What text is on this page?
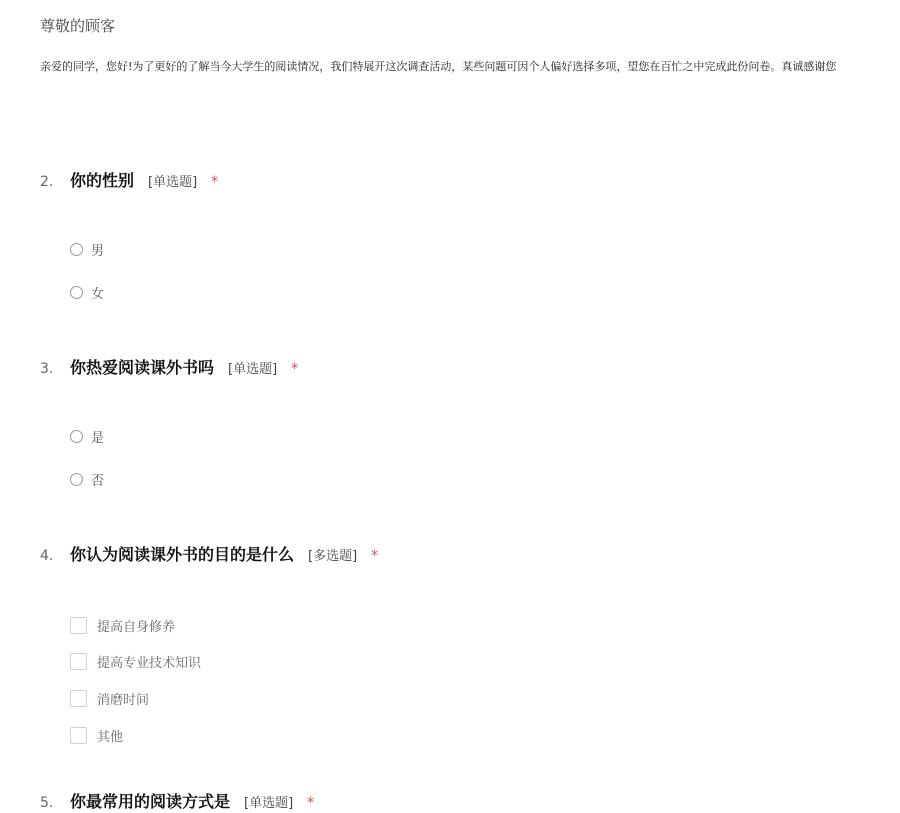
尊敬的顾客
亲爱的同学，您好!为了更好的了解当今大学生的阅读情况，我们特展开这次调查活动，某些问题可因个人偏好选择多项，望您在百忙之中完成此份问卷。真诚感谢您
2.	你的性别 [单选题] *
男
女
3.	你热爱阅读课外书吗 [单选题] *
是
否
4.	你认为阅读课外书的目的是什么 [多选题] *
提高自身修养
提高专业技术知识
消磨时间
其他
5.	你最常用的阅读方式是 [单选题] *
